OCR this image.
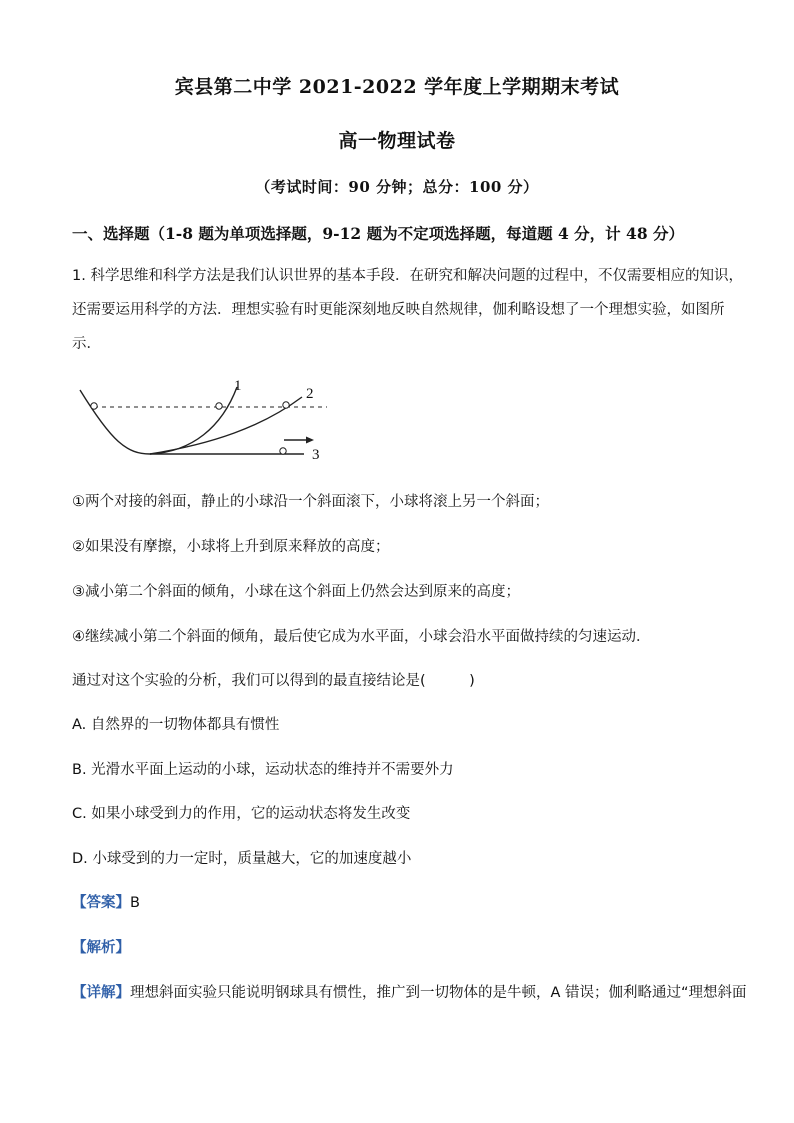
宾县第二中学 2021-2022 学年度上学期期末考试
高一物理试卷
（考试时间：90 分钟；总分：100 分）
一、选择题（1-8 题为单项选择题，9-12 题为不定项选择题，每道题 4 分，计 48 分）
1. 科学思维和科学方法是我们认识世界的基本手段．在研究和解决问题的过程中，不仅需要相应的知识，
还需要运用科学的方法．理想实验有时更能深刻地反映自然规律，伽利略设想了一个理想实验，如图所
示．
1	2
3
①两个对接的斜面，静止的小球沿一个斜面滚下，小球将滚上另一个斜面；
②如果没有摩擦，小球将上升到原来释放的高度；
③减小第二个斜面的倾角，小球在这个斜面上仍然会达到原来的高度；
④继续减小第二个斜面的倾角，最后使它成为水平面，小球会沿水平面做持续的匀速运动．
通过对这个实验的分析，我们可以得到的最直接结论是(　　　)
A. 自然界的一切物体都具有惯性
B. 光滑水平面上运动的小球，运动状态的维持并不需要外力
C. 如果小球受到力的作用，它的运动状态将发生改变
D. 小球受到的力一定时，质量越大，它的加速度越小
【答案】B
【解析】
【详解】理想斜面实验只能说明钢球具有惯性，推广到一切物体的是牛顿，A 错误；伽利略通过“理想斜面
